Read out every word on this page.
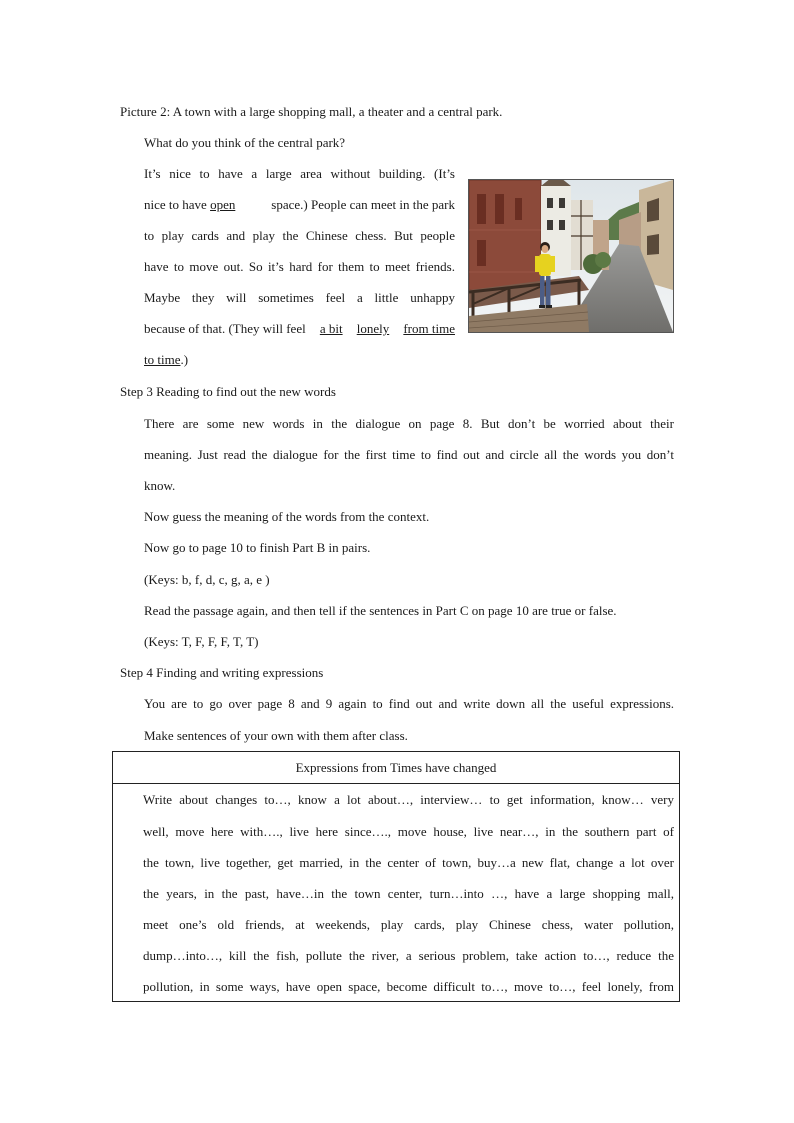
Picture 2: A town with a large shopping mall, a theater and a central park.
What do you think of the central park?
It’s nice to have a large area without building. (It’s
nice to have open	space.) People can meet in the park
to play cards and play the Chinese chess. But people
have to move out. So it’s hard for them to meet friends.
Maybe they will sometimes feel a little unhappy
because of that. (They will feel a bit lonely from time
to time.)
Step 3 Reading to find out the new words
There are some new words in the dialogue on page 8. But don’t be worried about their
meaning. Just read the dialogue for the first time to find out and circle all the words you don’t
know.
Now guess the meaning of the words from the context.
Now go to page 10 to finish Part B in pairs.
(Keys: b, f, d, c, g, a, e )
Read the passage again, and then tell if the sentences in Part C on page 10 are true or false.
(Keys: T, F, F, F, T, T)
Step 4 Finding and writing expressions
You are to go over page 8 and 9 again to find out and write down all the useful expressions.
Make sentences of your own with them after class.
Expressions from Times have changed
Write about changes to…, know a lot about…, interview… to get information, know… very
well, move here with…., live here since…., move house, live near…, in the southern part of
the town, live together, get married, in the center of town, buy…a new flat, change a lot over
the years, in the past, have…in the town center, turn…into …, have a large shopping mall,
meet one’s old friends, at weekends, play cards, play Chinese chess, water pollution,
dump…into…, kill the fish, pollute the river, a serious problem, take action to…, reduce the
pollution, in some ways, have open space, become difficult to…, move to…, feel lonely, from
